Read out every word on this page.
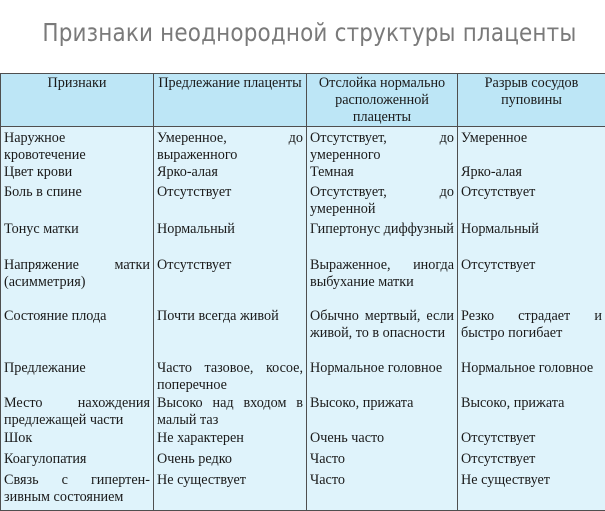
Признаки неоднородной структуры плаценты
Признаки	Предлежание плаценты	Отслойка нормально расположенной плаценты	Разрыв сосудов пуповины
Наружное кровотечение	Умеренное, до выраженного	Отсутствует, до умеренного	Умеренное
Цвет крови	Ярко-алая	Темная	Ярко-алая
Боль в спине	Отсутствует	Отсутствует, до умеренной	Отсутствует
Тонус матки	Нормальный	Гипертонус диффузный	Нормальный
Напряжение матки (асимметрия)	Отсутствует	Выраженное, иногда выбухание матки	Отсутствует
Состояние плода	Почти всегда живой	Обычно мертвый, если живой, то в опасности	Резко страдает и быстро погибает
Предлежание	Часто тазовое, косое, поперечное	Нормальное головное	Нормальное головное
Место нахождения предлежащей части	Высоко над входом в малый таз	Высоко, прижата	Высоко, прижата
Шок	Не характерен	Очень часто	Отсутствует
Коагулопатия	Очень редко	Часто	Отсутствует
Связь с гипертен-зивным состоянием	Не существует	Часто	Не существует
